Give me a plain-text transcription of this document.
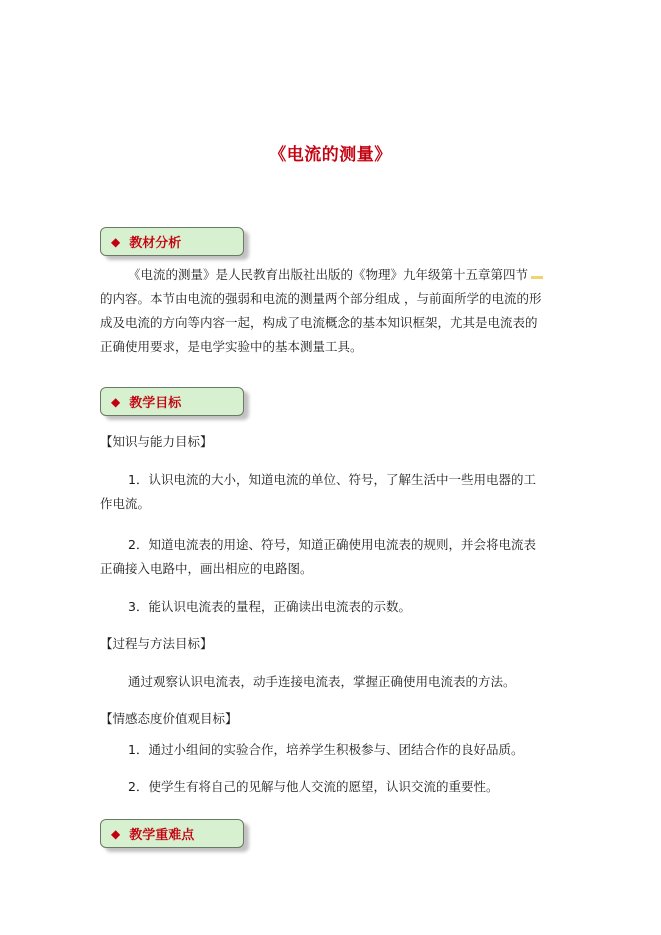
《电流的测量》
◆ 教材分析
《电流的测量》是人民教育出版社出版的《物理》九年级第十五章第四节
的内容。本节由电流的强弱和电流的测量两个部分组成 ，与前面所学的电流的形
成及电流的方向等内容一起，构成了电流概念的基本知识框架，尤其是电流表的
正确使用要求，是电学实验中的基本测量工具。
◆ 教学目标
【知识与能力目标】
1．认识电流的大小，知道电流的单位、符号，了解生活中一些用电器的工
作电流。
2．知道电流表的用途、符号，知道正确使用电流表的规则，并会将电流表
正确接入电路中，画出相应的电路图。
3．能认识电流表的量程，正确读出电流表的示数。
【过程与方法目标】
通过观察认识电流表，动手连接电流表，掌握正确使用电流表的方法。
【情感态度价值观目标】
1．通过小组间的实验合作，培养学生积极参与、团结合作的良好品质。
2．使学生有将自己的见解与他人交流的愿望，认识交流的重要性。
◆ 教学重难点
